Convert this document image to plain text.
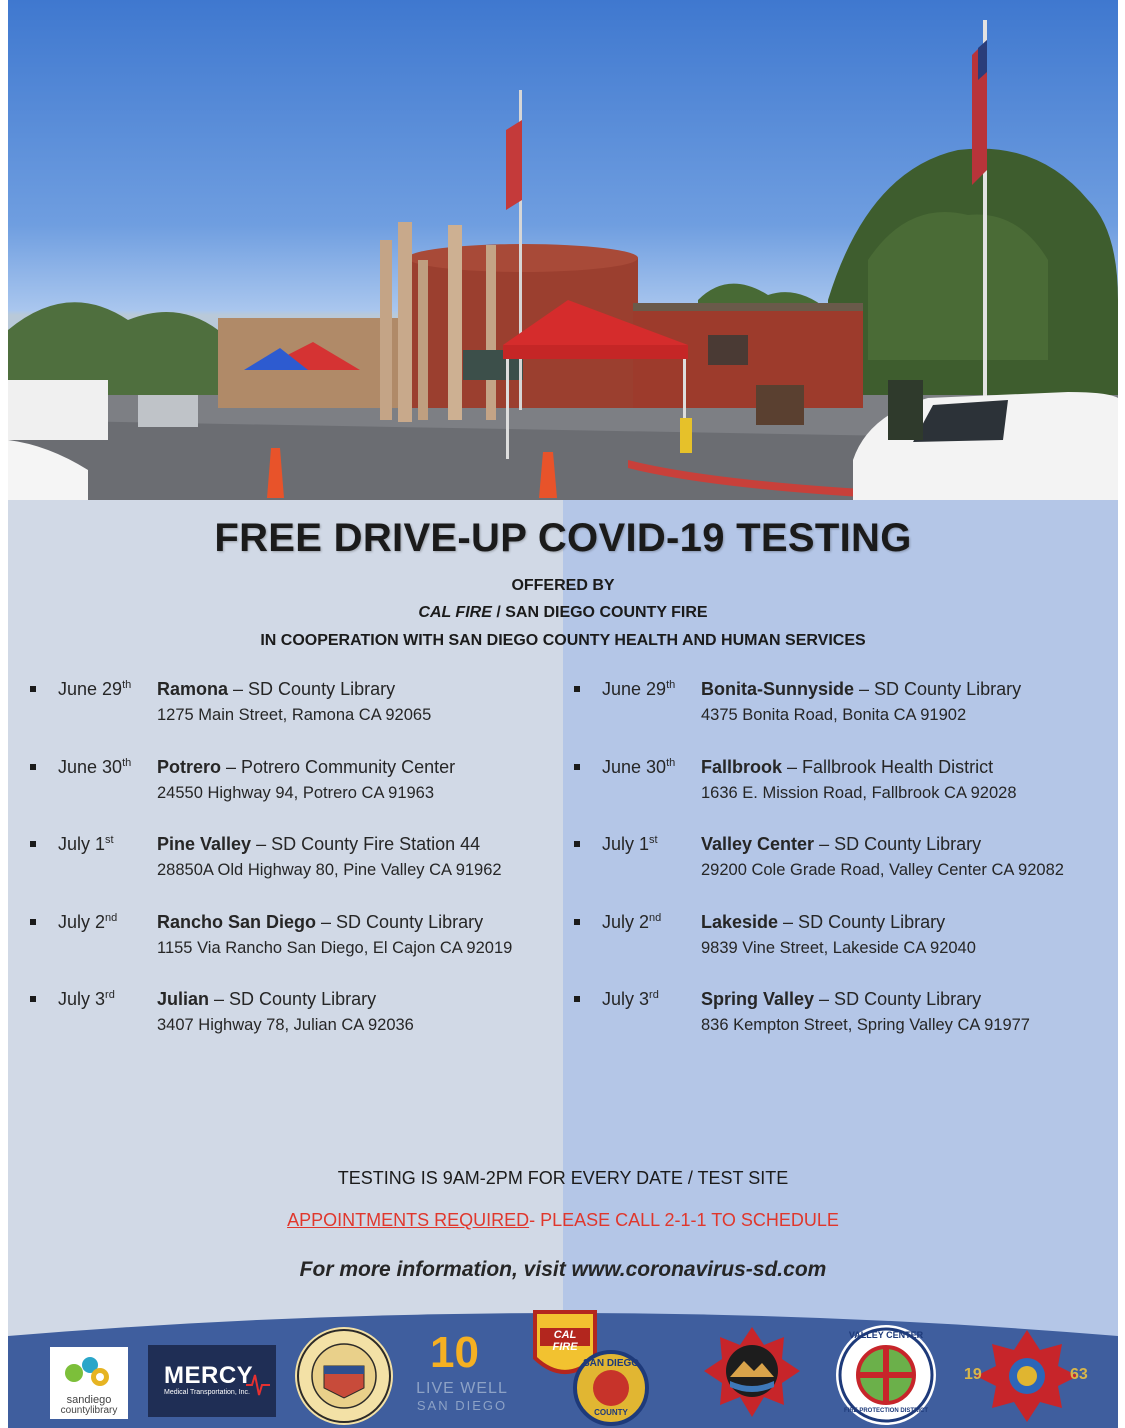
FREE DRIVE-UP COVID-19 TESTING
OFFERED BY
CAL FIRE / SAN DIEGO COUNTY FIRE
IN COOPERATION WITH SAN DIEGO COUNTY HEALTH AND HUMAN SERVICES
June 29th Ramona – SD County Library
1275 Main Street, Ramona CA 92065
June 30th Potrero – Potrero Community Center
24550 Highway 94, Potrero CA 91963
July 1st Pine Valley – SD County Fire Station 44
28850A Old Highway 80, Pine Valley CA 91962
July 2nd Rancho San Diego – SD County Library
1155 Via Rancho San Diego, El Cajon CA 92019
July 3rd Julian – SD County Library
3407 Highway 78, Julian CA 92036
June 29th Bonita-Sunnyside – SD County Library
4375 Bonita Road, Bonita CA 91902
June 30th Fallbrook – Fallbrook Health District
1636 E. Mission Road, Fallbrook CA 92028
July 1st Valley Center – SD County Library
29200 Cole Grade Road, Valley Center CA 92082
July 2nd Lakeside – SD County Library
9839 Vine Street, Lakeside CA 92040
July 3rd Spring Valley – SD County Library
836 Kempton Street, Spring Valley CA 91977
TESTING IS 9AM-2PM FOR EVERY DATE / TEST SITE
APPOINTMENTS REQUIRED- PLEASE CALL 2-1-1 TO SCHEDULE
For more information, visit www.coronavirus-sd.com
sandiego
countylibrary
MERCY
Medical Transportation, Inc.
10
LIVE WELL
SAN DIEGO
CAL FIRE
SAN DIEGO
COUNTY
VALLEY CENTER
FIRE PROTECTION DISTRICT
19	63
